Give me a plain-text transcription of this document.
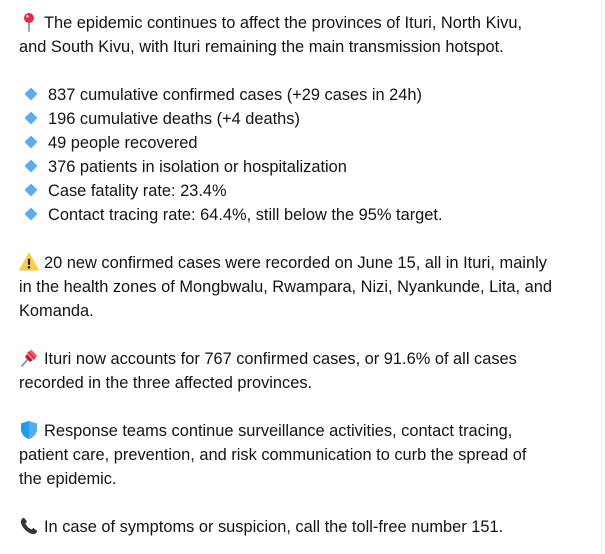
The epidemic continues to affect the provinces of Ituri, North Kivu,
and South Kivu, with Ituri remaining the main transmission hotspot.
837 cumulative confirmed cases (+29 cases in 24h)
196 cumulative deaths (+4 deaths)
49 people recovered
376 patients in isolation or hospitalization
Case fatality rate: 23.4%
Contact tracing rate: 64.4%, still below the 95% target.
20 new confirmed cases were recorded on June 15, all in Ituri, mainly
in the health zones of Mongbwalu, Rwampara, Nizi, Nyankunde, Lita, and
Komanda.
Ituri now accounts for 767 confirmed cases, or 91.6% of all cases
recorded in the three affected provinces.
Response teams continue surveillance activities, contact tracing,
patient care, prevention, and risk communication to curb the spread of
the epidemic.
In case of symptoms or suspicion, call the toll-free number 151.
